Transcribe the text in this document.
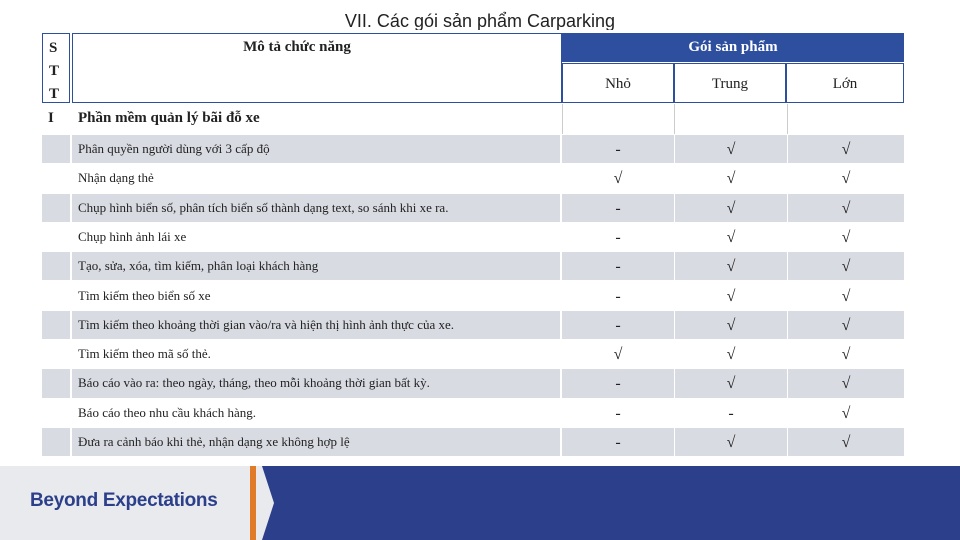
VII. Các gói sản phẩm Carparking
S T T
Mô tả chức năng	Gói sản phẩm
Nhỏ	Trung	Lớn
I Phần mềm quản lý bãi đỗ xe
Phân quyền người dùng với 3 cấp độ	-	√	√
Nhận dạng thẻ	√	√	√
Chụp hình biển số, phân tích biển số thành dạng text, so sánh khi xe ra.	-	√	√
Chụp hình ảnh lái xe	-	√	√
Tạo, sửa, xóa, tìm kiếm, phân loại khách hàng	-	√	√
Tìm kiếm theo biển số xe	-	√	√
Tìm kiếm theo khoảng thời gian vào/ra và hiện thị hình ảnh thực của xe.	-	√	√
Tìm kiếm theo mã số thẻ.	√	√	√
Báo cáo vào ra: theo ngày, tháng, theo mỗi khoảng thời gian bất kỳ.	-	√	√
Báo cáo theo nhu cầu khách hàng.	-	-	√
Đưa ra cảnh báo khi thẻ, nhận dạng xe không hợp lệ	-	√	√
Beyond Expectations
